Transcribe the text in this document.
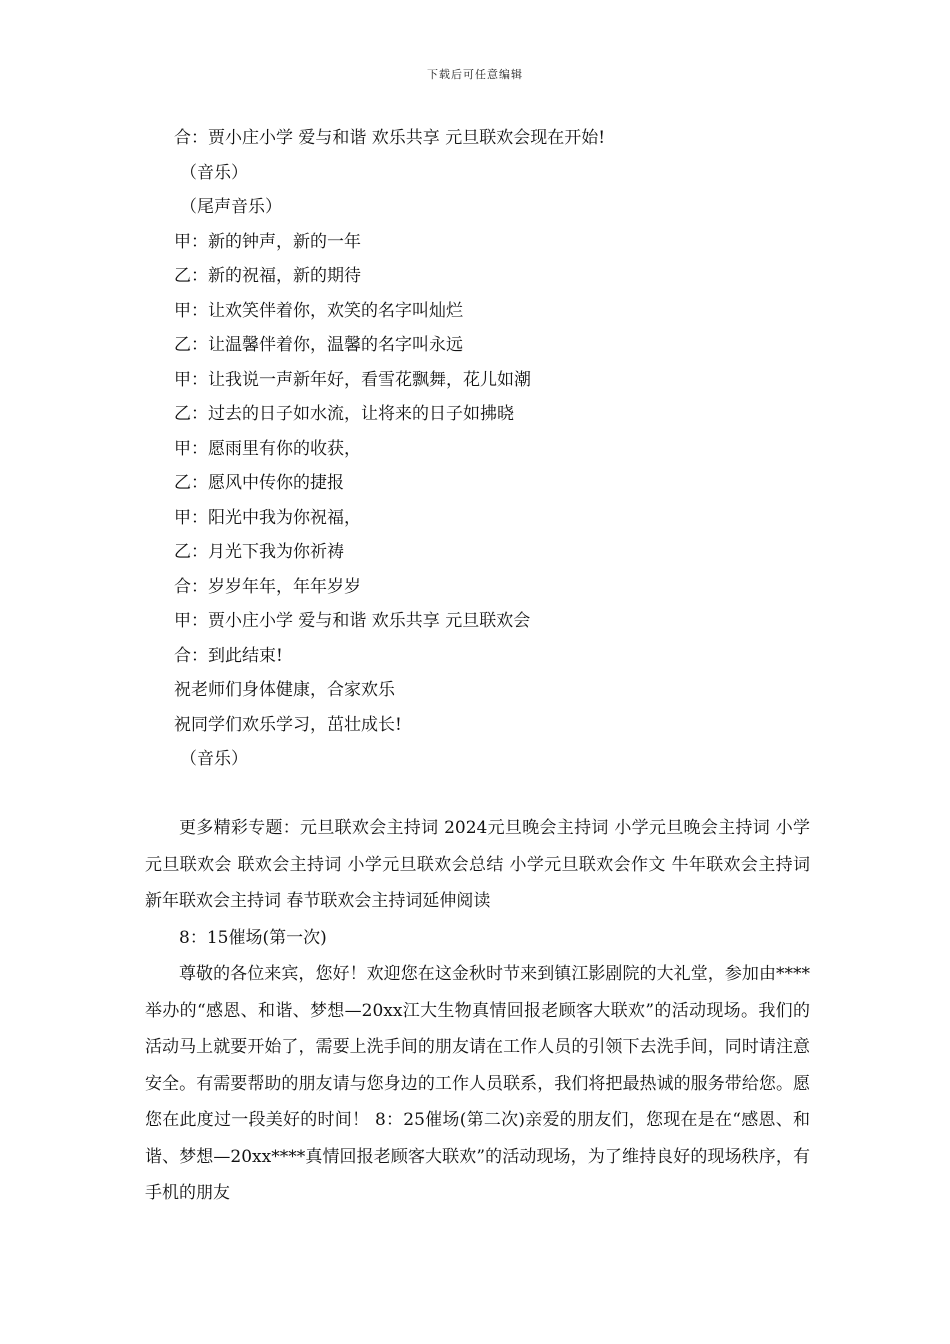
下载后可任意编辑
合：贾小庄小学 爱与和谐 欢乐共享 元旦联欢会现在开始!
（音乐）
（尾声音乐）
甲：新的钟声，新的一年
乙：新的祝福，新的期待
甲：让欢笑伴着你，欢笑的名字叫灿烂
乙：让温馨伴着你，温馨的名字叫永远
甲：让我说一声新年好，看雪花飘舞，花儿如潮
乙：过去的日子如水流，让将来的日子如拂晓
甲：愿雨里有你的收获，
乙：愿风中传你的捷报
甲：阳光中我为你祝福，
乙：月光下我为你祈祷
合：岁岁年年，年年岁岁
甲：贾小庄小学 爱与和谐 欢乐共享 元旦联欢会
合：到此结束!
祝老师们身体健康，合家欢乐
祝同学们欢乐学习，茁壮成长!
（音乐）

更多精彩专题：元旦联欢会主持词 2024元旦晚会主持词 小学元旦晚会主持词 小学元旦联欢会 联欢会主持词 小学元旦联欢会总结 小学元旦联欢会作文 牛年联欢会主持词 新年联欢会主持词 春节联欢会主持词延伸阅读

8：15催场(第一次)

尊敬的各位来宾，您好！欢迎您在这金秋时节来到镇江影剧院的大礼堂，参加由****举办的“感恩、和谐、梦想—20xx江大生物真情回报老顾客大联欢”的活动现场。我们的活动马上就要开始了，需要上洗手间的朋友请在工作人员的引领下去洗手间，同时请注意安全。有需要帮助的朋友请与您身边的工作人员联系，我们将把最热诚的服务带给您。愿您在此度过一段美好的时间！ 8：25催场(第二次)亲爱的朋友们，您现在是在“感恩、和谐、梦想—20xx****真情回报老顾客大联欢”的活动现场，为了维持良好的现场秩序，有手机的朋友
